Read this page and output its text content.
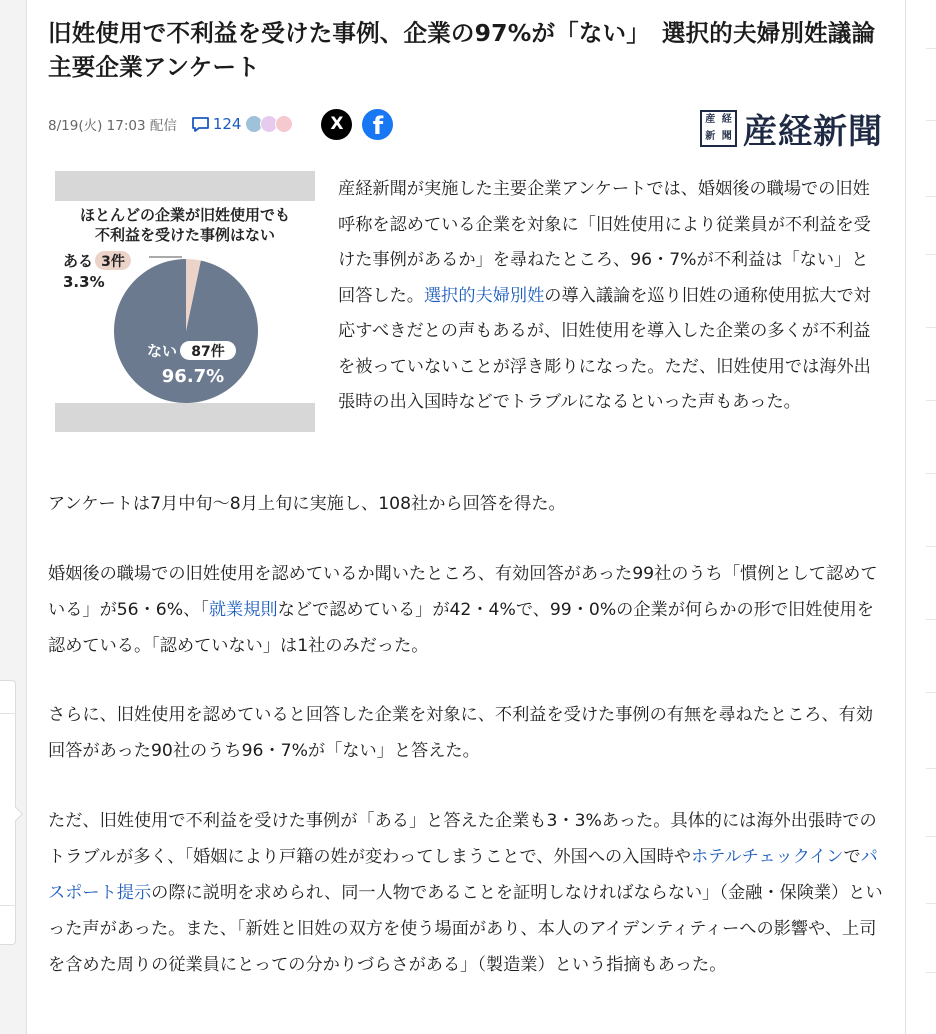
旧姓使用で不利益を受けた事例、企業の97%が「ない」　選択的夫婦別姓議論　主要企業アンケート
8/19(火) 17:03 配信 124	X f	産 経
新 聞 産経新聞
ほとんどの企業が旧姓使用でも
不利益を受けた事例はない
ある 3件
3.3%
ない 87件
96.7%

産経新聞が実施した主要企業アンケートでは、婚姻後の職場での旧姓呼称を認めている企業を対象に「旧姓使用により従業員が不利益を受けた事例があるか」を尋ねたところ、96・7%が不利益は「ない」と回答した。選択的夫婦別姓の導入議論を巡り旧姓の通称使用拡大で対応すべきだとの声もあるが、旧姓使用を導入した企業の多くが不利益を被っていないことが浮き彫りになった。ただ、旧姓使用では海外出張時の出入国時などでトラブルになるといった声もあった。

アンケートは7月中旬～8月上旬に実施し、108社から回答を得た。

婚姻後の職場での旧姓使用を認めているか聞いたところ、有効回答があった99社のうち「慣例として認めている」が56・6%、「就業規則などで認めている」が42・4%で、99・0%の企業が何らかの形で旧姓使用を認めている。「認めていない」は1社のみだった。

さらに、旧姓使用を認めていると回答した企業を対象に、不利益を受けた事例の有無を尋ねたところ、有効回答があった90社のうち96・7%が「ない」と答えた。

ただ、旧姓使用で不利益を受けた事例が「ある」と答えた企業も3・3%あった。具体的には海外出張時でのトラブルが多く、「婚姻により戸籍の姓が変わってしまうことで、外国への入国時やホテルチェックインでパスポート提示の際に説明を求められ、同一人物であることを証明しなければならない」（金融・保険業）といった声があった。また、「新姓と旧姓の双方を使う場面があり、本人のアイデンティティーへの影響や、上司を含めた周りの従業員にとっての分かりづらさがある」（製造業）という指摘もあった。
